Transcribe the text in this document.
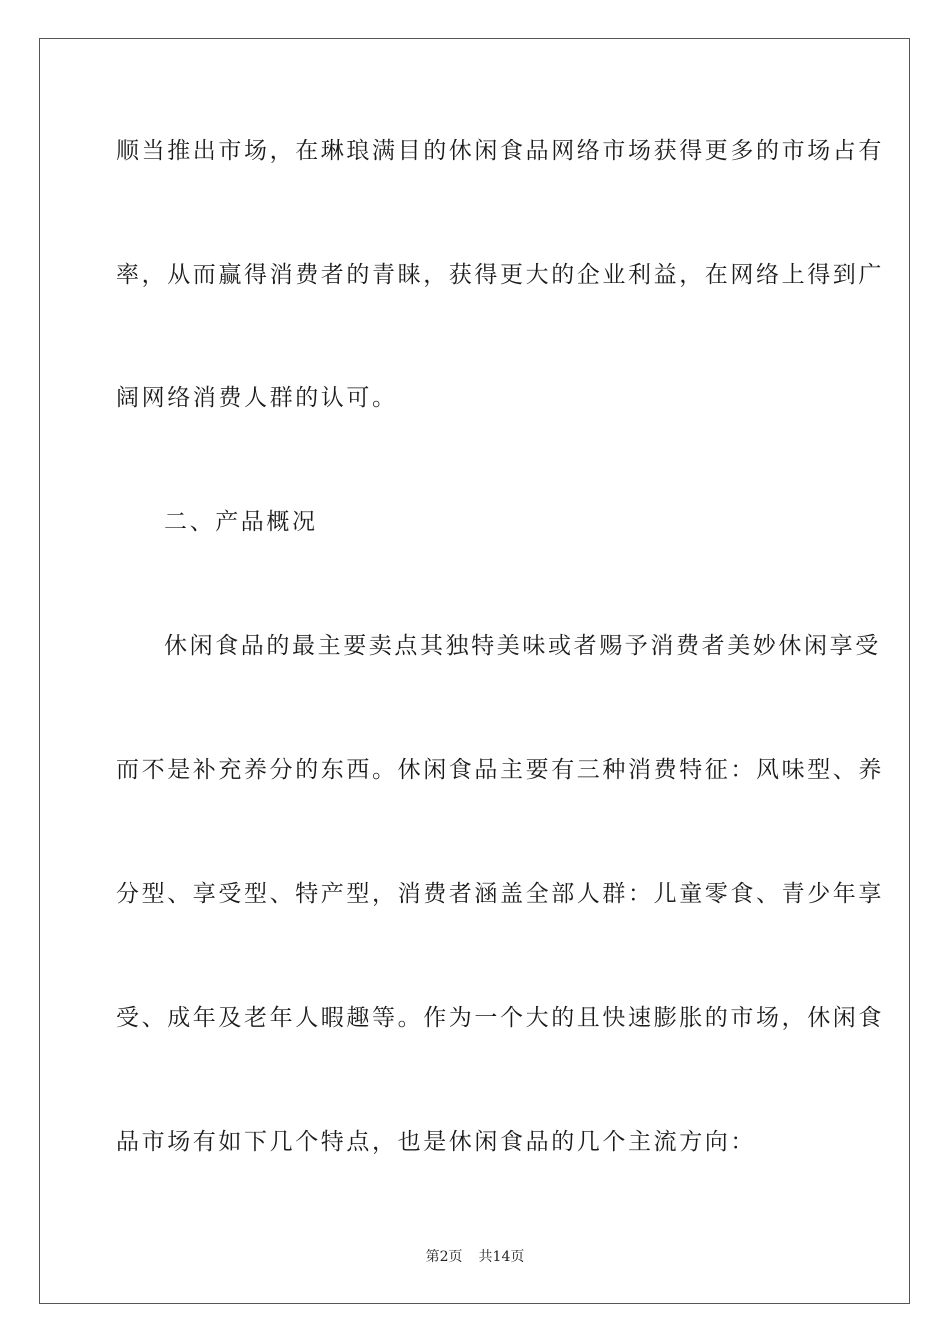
顺当推出市场，在琳琅满目的休闲食品网络市场获得更多的市场占有
率，从而赢得消费者的青睐，获得更大的企业利益，在网络上得到广
阔网络消费人群的认可。
二、产品概况
休闲食品的最主要卖点其独特美味或者赐予消费者美妙休闲享受
而不是补充养分的东西。休闲食品主要有三种消费特征：风味型、养
分型、享受型、特产型，消费者涵盖全部人群：儿童零食、青少年享
受、成年及老年人暇趣等。作为一个大的且快速膨胀的市场，休闲食
品市场有如下几个特点，也是休闲食品的几个主流方向：
第2页 共14页
